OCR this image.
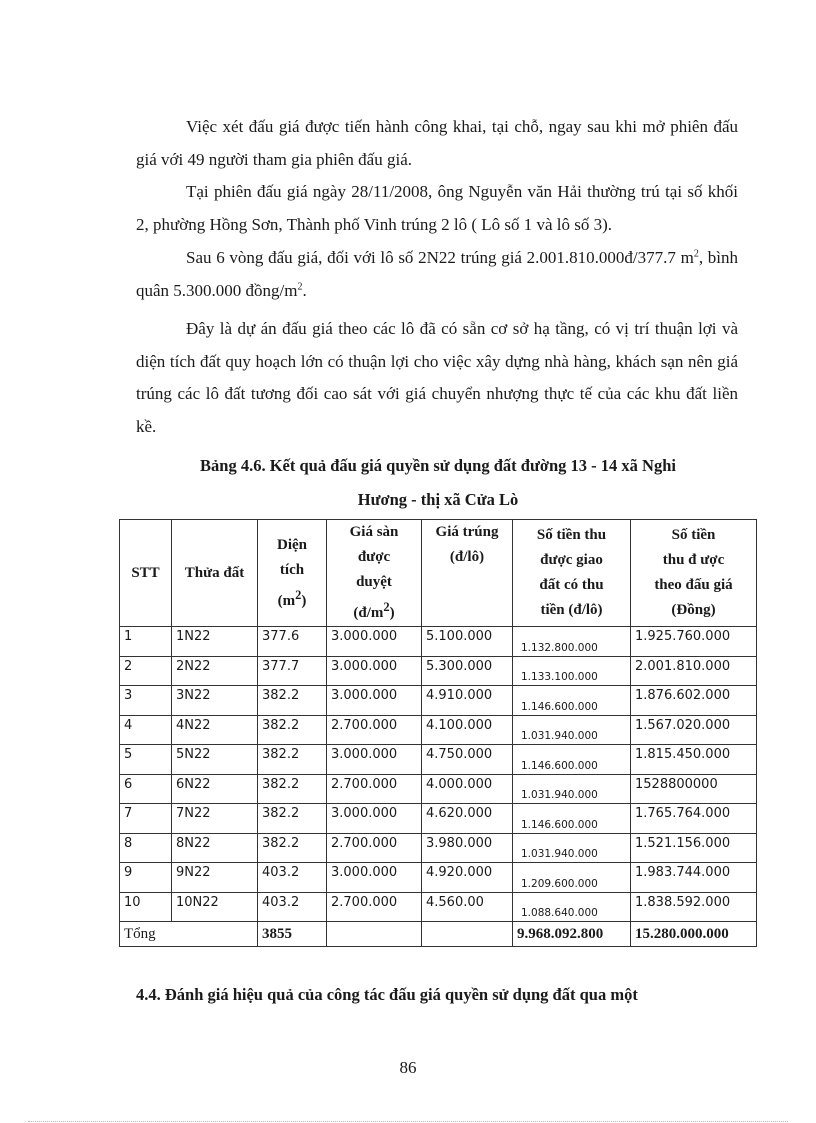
Việc xét đấu giá được tiến hành công khai, tại chỗ, ngay sau khi mở phiên đấu giá với 49 người tham gia phiên đấu giá.

Tại phiên đấu giá ngày 28/11/2008, ông Nguyễn văn Hải thường trú tại số khối 2, phường Hồng Sơn, Thành phố Vinh trúng 2 lô ( Lô số 1 và lô số 3).

Sau 6 vòng đấu giá, đối với lô số 2N22 trúng giá 2.001.810.000đ/377.7 $m^2$, bình quân 5.300.000 đồng/$m^2$.

Đây là dự án đấu giá theo các lô đã có sẵn cơ sở hạ tầng, có vị trí thuận lợi và diện tích đất quy hoạch lớn có thuận lợi cho việc xây dựng nhà hàng, khách sạn nên giá trúng các lô đất tương đối cao sát với giá chuyển nhượng thực tế của các khu đất liền kề.

Bảng 4.6. Kết quả đấu giá quyền sử dụng đất đường 13 - 14 xã Nghi

Hương - thị xã Cửa Lò

STT	Thửa đất	Diện
tích
$(m^2)$	Giá sàn
được
duyệt
$(đ/m^2)$	Giá trúng
(đ/lô)	Số tiền thu
được giao
đất có thu
tiền (đ/lô)	Số tiền
thu đ ược
theo đấu giá
(Đồng)
1	1N22	377.6	3.000.000	5.100.000	1.132.800.000	1.925.760.000
2	2N22	377.7	3.000.000	5.300.000	1.133.100.000	2.001.810.000
3	3N22	382.2	3.000.000	4.910.000	1.146.600.000	1.876.602.000
4	4N22	382.2	2.700.000	4.100.000	1.031.940.000	1.567.020.000
5	5N22	382.2	3.000.000	4.750.000	1.146.600.000	1.815.450.000
6	6N22	382.2	2.700.000	4.000.000	1.031.940.000	1528800000
7	7N22	382.2	3.000.000	4.620.000	1.146.600.000	1.765.764.000
8	8N22	382.2	2.700.000	3.980.000	1.031.940.000	1.521.156.000
9	9N22	403.2	3.000.000	4.920.000	1.209.600.000	1.983.744.000
10	10N22	403.2	2.700.000	4.560.00	1.088.640.000	1.838.592.000
Tổng		3855			9.968.092.800	15.280.000.000

4.4. Đánh giá hiệu quả của công tác đấu giá quyền sử dụng đất qua một

86
